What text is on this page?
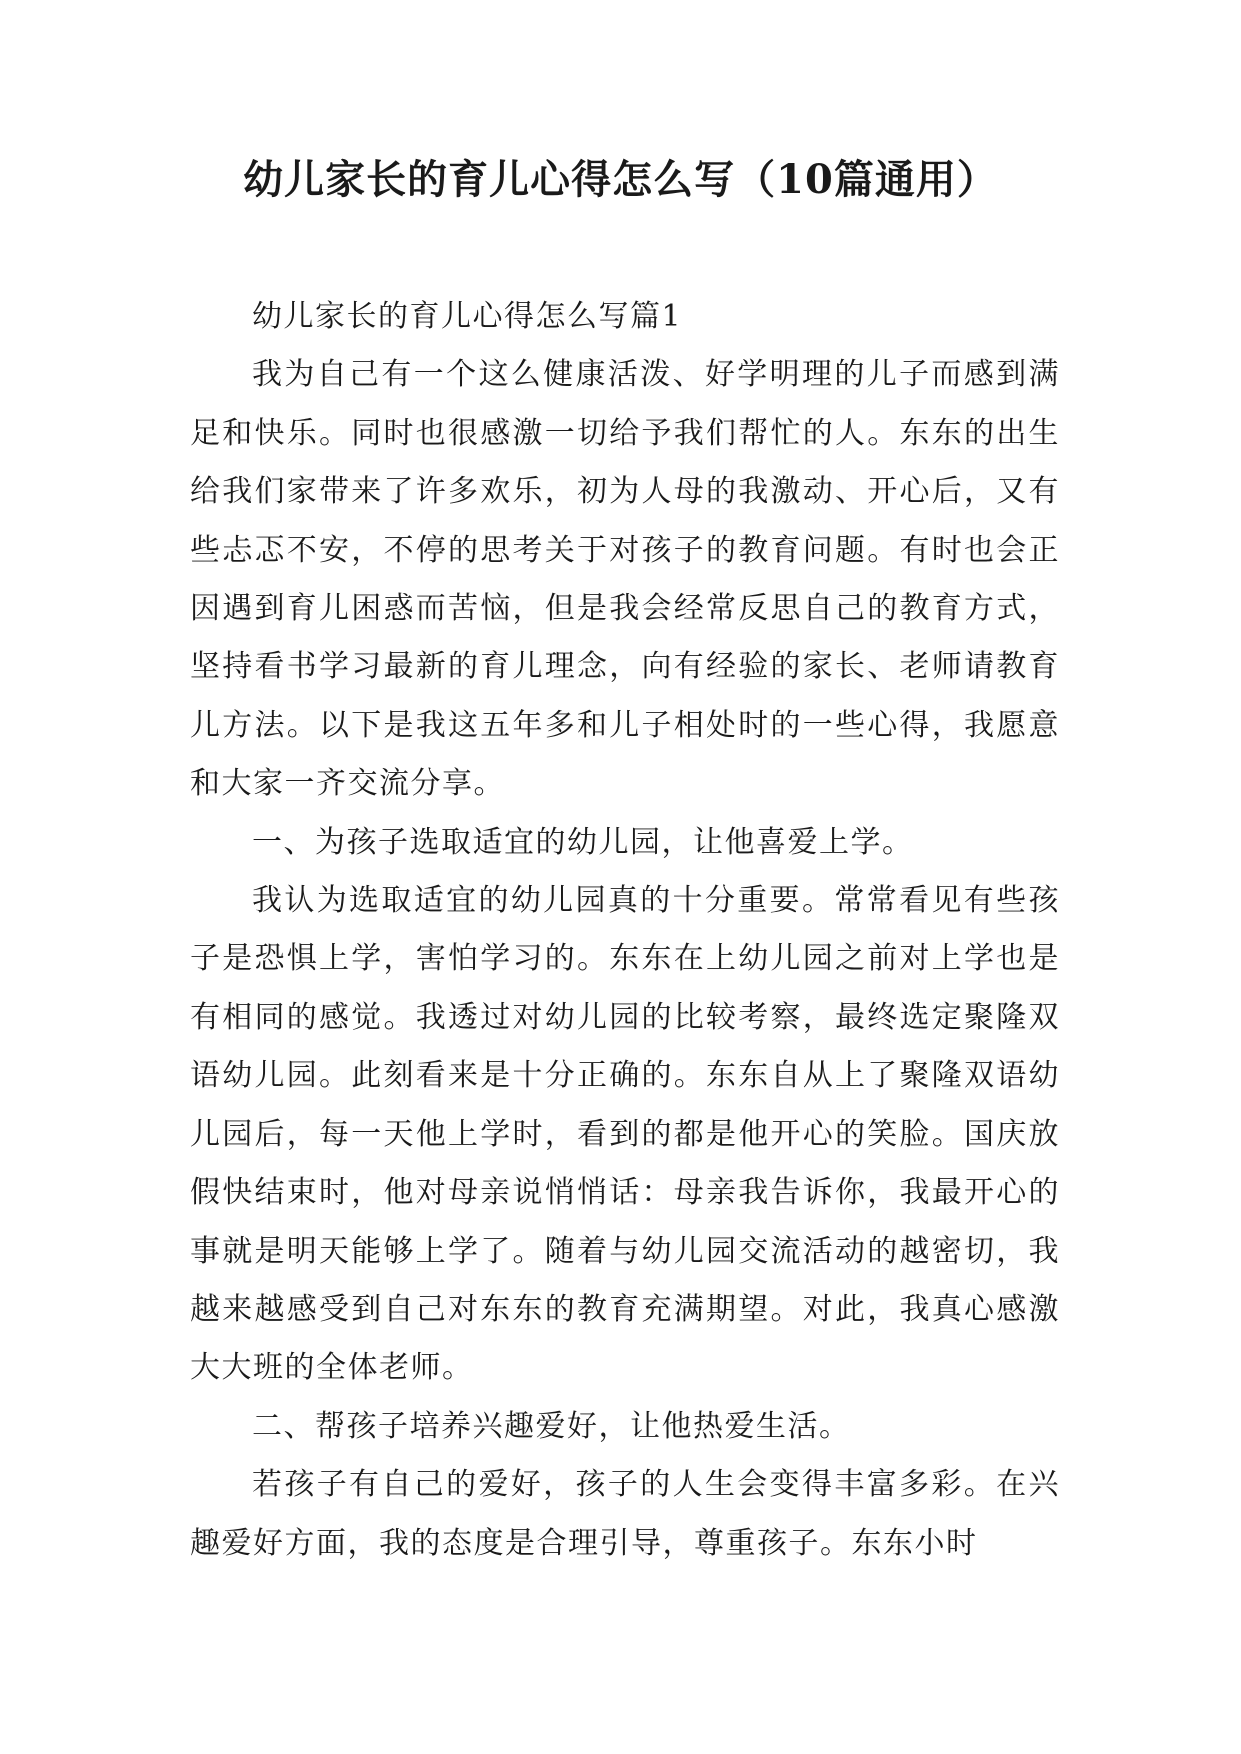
幼儿家长的育儿心得怎么写（10篇通用）

幼儿家长的育儿心得怎么写篇1

我为自己有一个这么健康活泼、好学明理的儿子而感到满足和快乐。同时也很感激一切给予我们帮忙的人。东东的出生给我们家带来了许多欢乐，初为人母的我激动、开心后，又有些忐忑不安，不停的思考关于对孩子的教育问题。有时也会正因遇到育儿困惑而苦恼，但是我会经常反思自己的教育方式，坚持看书学习最新的育儿理念，向有经验的家长、老师请教育儿方法。以下是我这五年多和儿子相处时的一些心得，我愿意和大家一齐交流分享。

一、为孩子选取适宜的幼儿园，让他喜爱上学。

我认为选取适宜的幼儿园真的十分重要。常常看见有些孩子是恐惧上学，害怕学习的。东东在上幼儿园之前对上学也是有相同的感觉。我透过对幼儿园的比较考察，最终选定聚隆双语幼儿园。此刻看来是十分正确的。东东自从上了聚隆双语幼儿园后，每一天他上学时，看到的都是他开心的笑脸。国庆放假快结束时，他对母亲说悄悄话：母亲我告诉你，我最开心的事就是明天能够上学了。随着与幼儿园交流活动的越密切，我越来越感受到自己对东东的教育充满期望。对此，我真心感激大大班的全体老师。

二、帮孩子培养兴趣爱好，让他热爱生活。

若孩子有自己的爱好，孩子的人生会变得丰富多彩。在兴趣爱好方面，我的态度是合理引导，尊重孩子。东东小时
